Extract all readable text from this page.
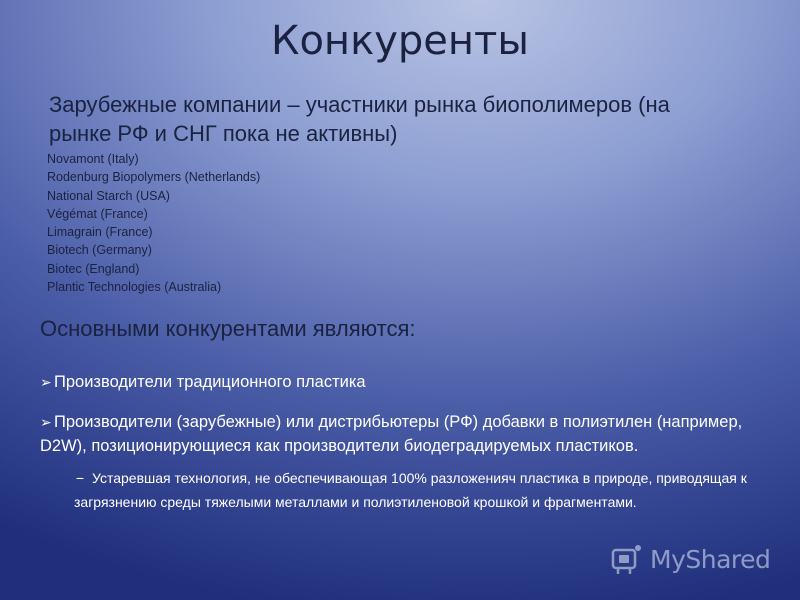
Конкуренты
Зарубежные компании – участники рынка биополимеров (на рынке РФ и СНГ пока не активны)
Novamont (Italy)
Rodenburg Biopolymers (Netherlands)
National Starch (USA)
Végémat (France)
Limagrain (France)
Biotech (Germany)
Biotec (England)
Plantic Technologies (Australia)
Основными конкурентами являются:
➢ Производители традиционного пластика
➢ Производители (зарубежные) или дистрибьютеры (РФ) добавки в полиэтилен (например, D2W), позиционирующиеся как производители биодеградируемых пластиков.
− Устаревшая технология, не обеспечивающая 100% разложенияч пластика в природе, приводящая к загрязнению среды тяжелыми металлами и полиэтиленовой крошкой и фрагментами.
MyShared
